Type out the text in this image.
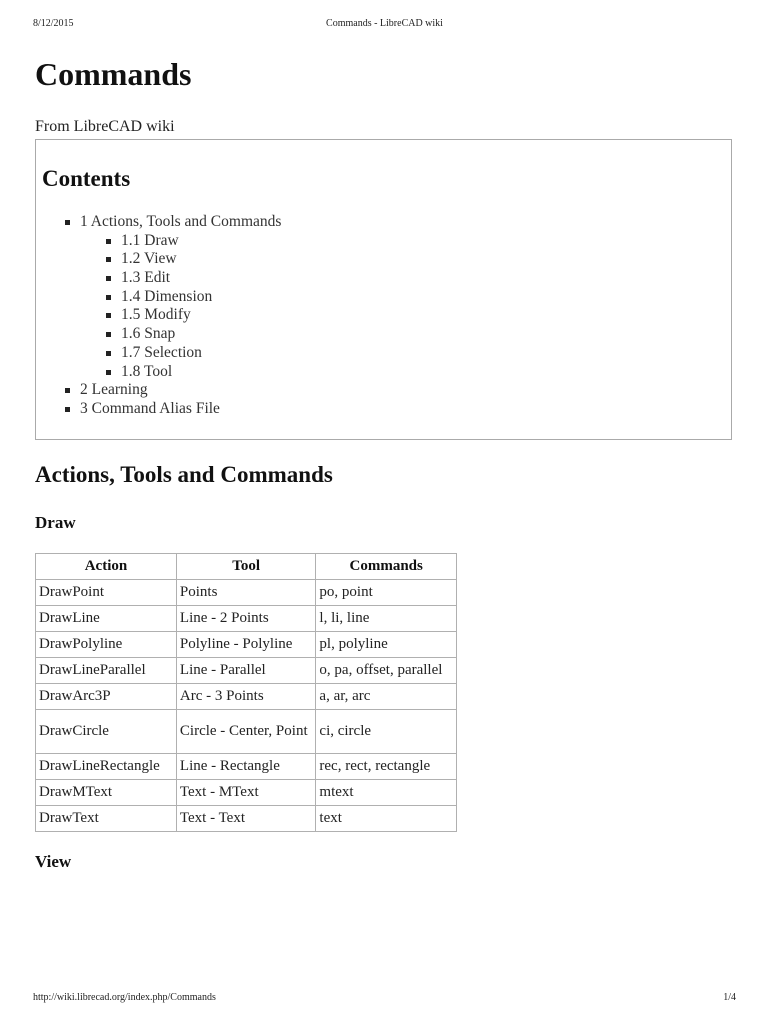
8/12/2015	Commands - LibreCAD wiki
Commands
From LibreCAD wiki
Contents
1 Actions, Tools and Commands
1.1 Draw
1.2 View
1.3 Edit
1.4 Dimension
1.5 Modify
1.6 Snap
1.7 Selection
1.8 Tool
2 Learning
3 Command Alias File
Actions, Tools and Commands
Draw
Action	Tool	Commands
DrawPoint	Points	po, point
DrawLine	Line - 2 Points	l, li, line
DrawPolyline	Polyline - Polyline	pl, polyline
DrawLineParallel	Line - Parallel	o, pa, offset, parallel
DrawArc3P	Arc - 3 Points	a, ar, arc
DrawCircle	Circle - Center, Point	ci, circle
DrawLineRectangle	Line - Rectangle	rec, rect, rectangle
DrawMText	Text - MText	mtext
DrawText	Text - Text	text
View
http://wiki.librecad.org/index.php/Commands	1/4
